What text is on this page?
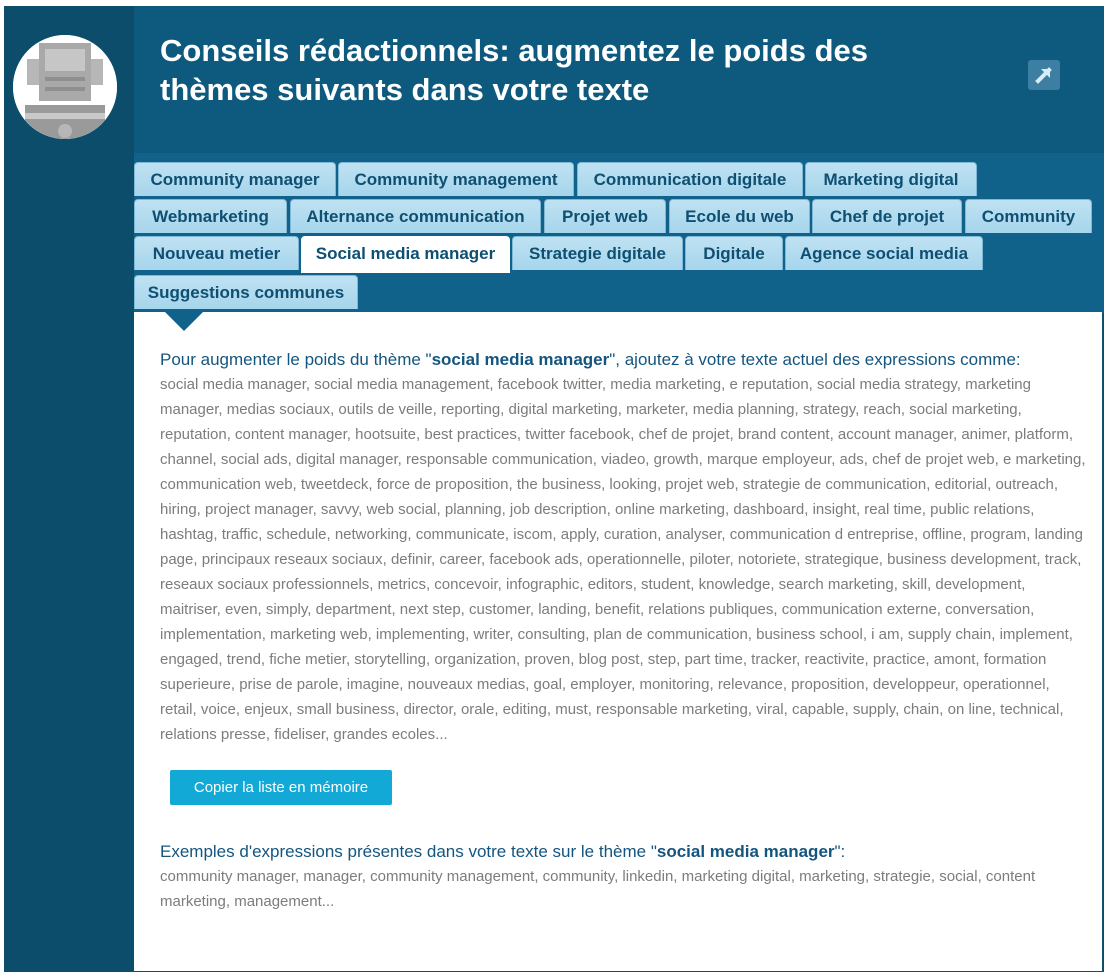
Conseils rédactionnels: augmentez le poids des thèmes suivants dans votre texte
Community manager	Community management	Communication digitale	Marketing digital
Webmarketing	Alternance communication	Projet web	Ecole du web	Chef de projet	Community
Nouveau metier	Social media manager	Strategie digitale	Digitale	Agence social media
Suggestions communes
Pour augmenter le poids du thème "social media manager", ajoutez à votre texte actuel des expressions comme:
social media manager, social media management, facebook twitter, media marketing, e reputation, social media strategy, marketing manager, medias sociaux, outils de veille, reporting, digital marketing, marketer, media planning, strategy, reach, social marketing, reputation, content manager, hootsuite, best practices, twitter facebook, chef de projet, brand content, account manager, animer, platform, channel, social ads, digital manager, responsable communication, viadeo, growth, marque employeur, ads, chef de projet web, e marketing, communication web, tweetdeck, force de proposition, the business, looking, projet web, strategie de communication, editorial, outreach, hiring, project manager, savvy, web social, planning, job description, online marketing, dashboard, insight, real time, public relations, hashtag, traffic, schedule, networking, communicate, iscom, apply, curation, analyser, communication d entreprise, offline, program, landing page, principaux reseaux sociaux, definir, career, facebook ads, operationnelle, piloter, notoriete, strategique, business development, track, reseaux sociaux professionnels, metrics, concevoir, infographic, editors, student, knowledge, search marketing, skill, development, maitriser, even, simply, department, next step, customer, landing, benefit, relations publiques, communication externe, conversation, implementation, marketing web, implementing, writer, consulting, plan de communication, business school, i am, supply chain, implement, engaged, trend, fiche metier, storytelling, organization, proven, blog post, step, part time, tracker, reactivite, practice, amont, formation superieure, prise de parole, imagine, nouveaux medias, goal, employer, monitoring, relevance, proposition, developpeur, operationnel, retail, voice, enjeux, small business, director, orale, editing, must, responsable marketing, viral, capable, supply, chain, on line, technical, relations presse, fideliser, grandes ecoles...
Copier la liste en mémoire
Exemples d'expressions présentes dans votre texte sur le thème "social media manager":
community manager, manager, community management, community, linkedin, marketing digital, marketing, strategie, social, content marketing, management...
